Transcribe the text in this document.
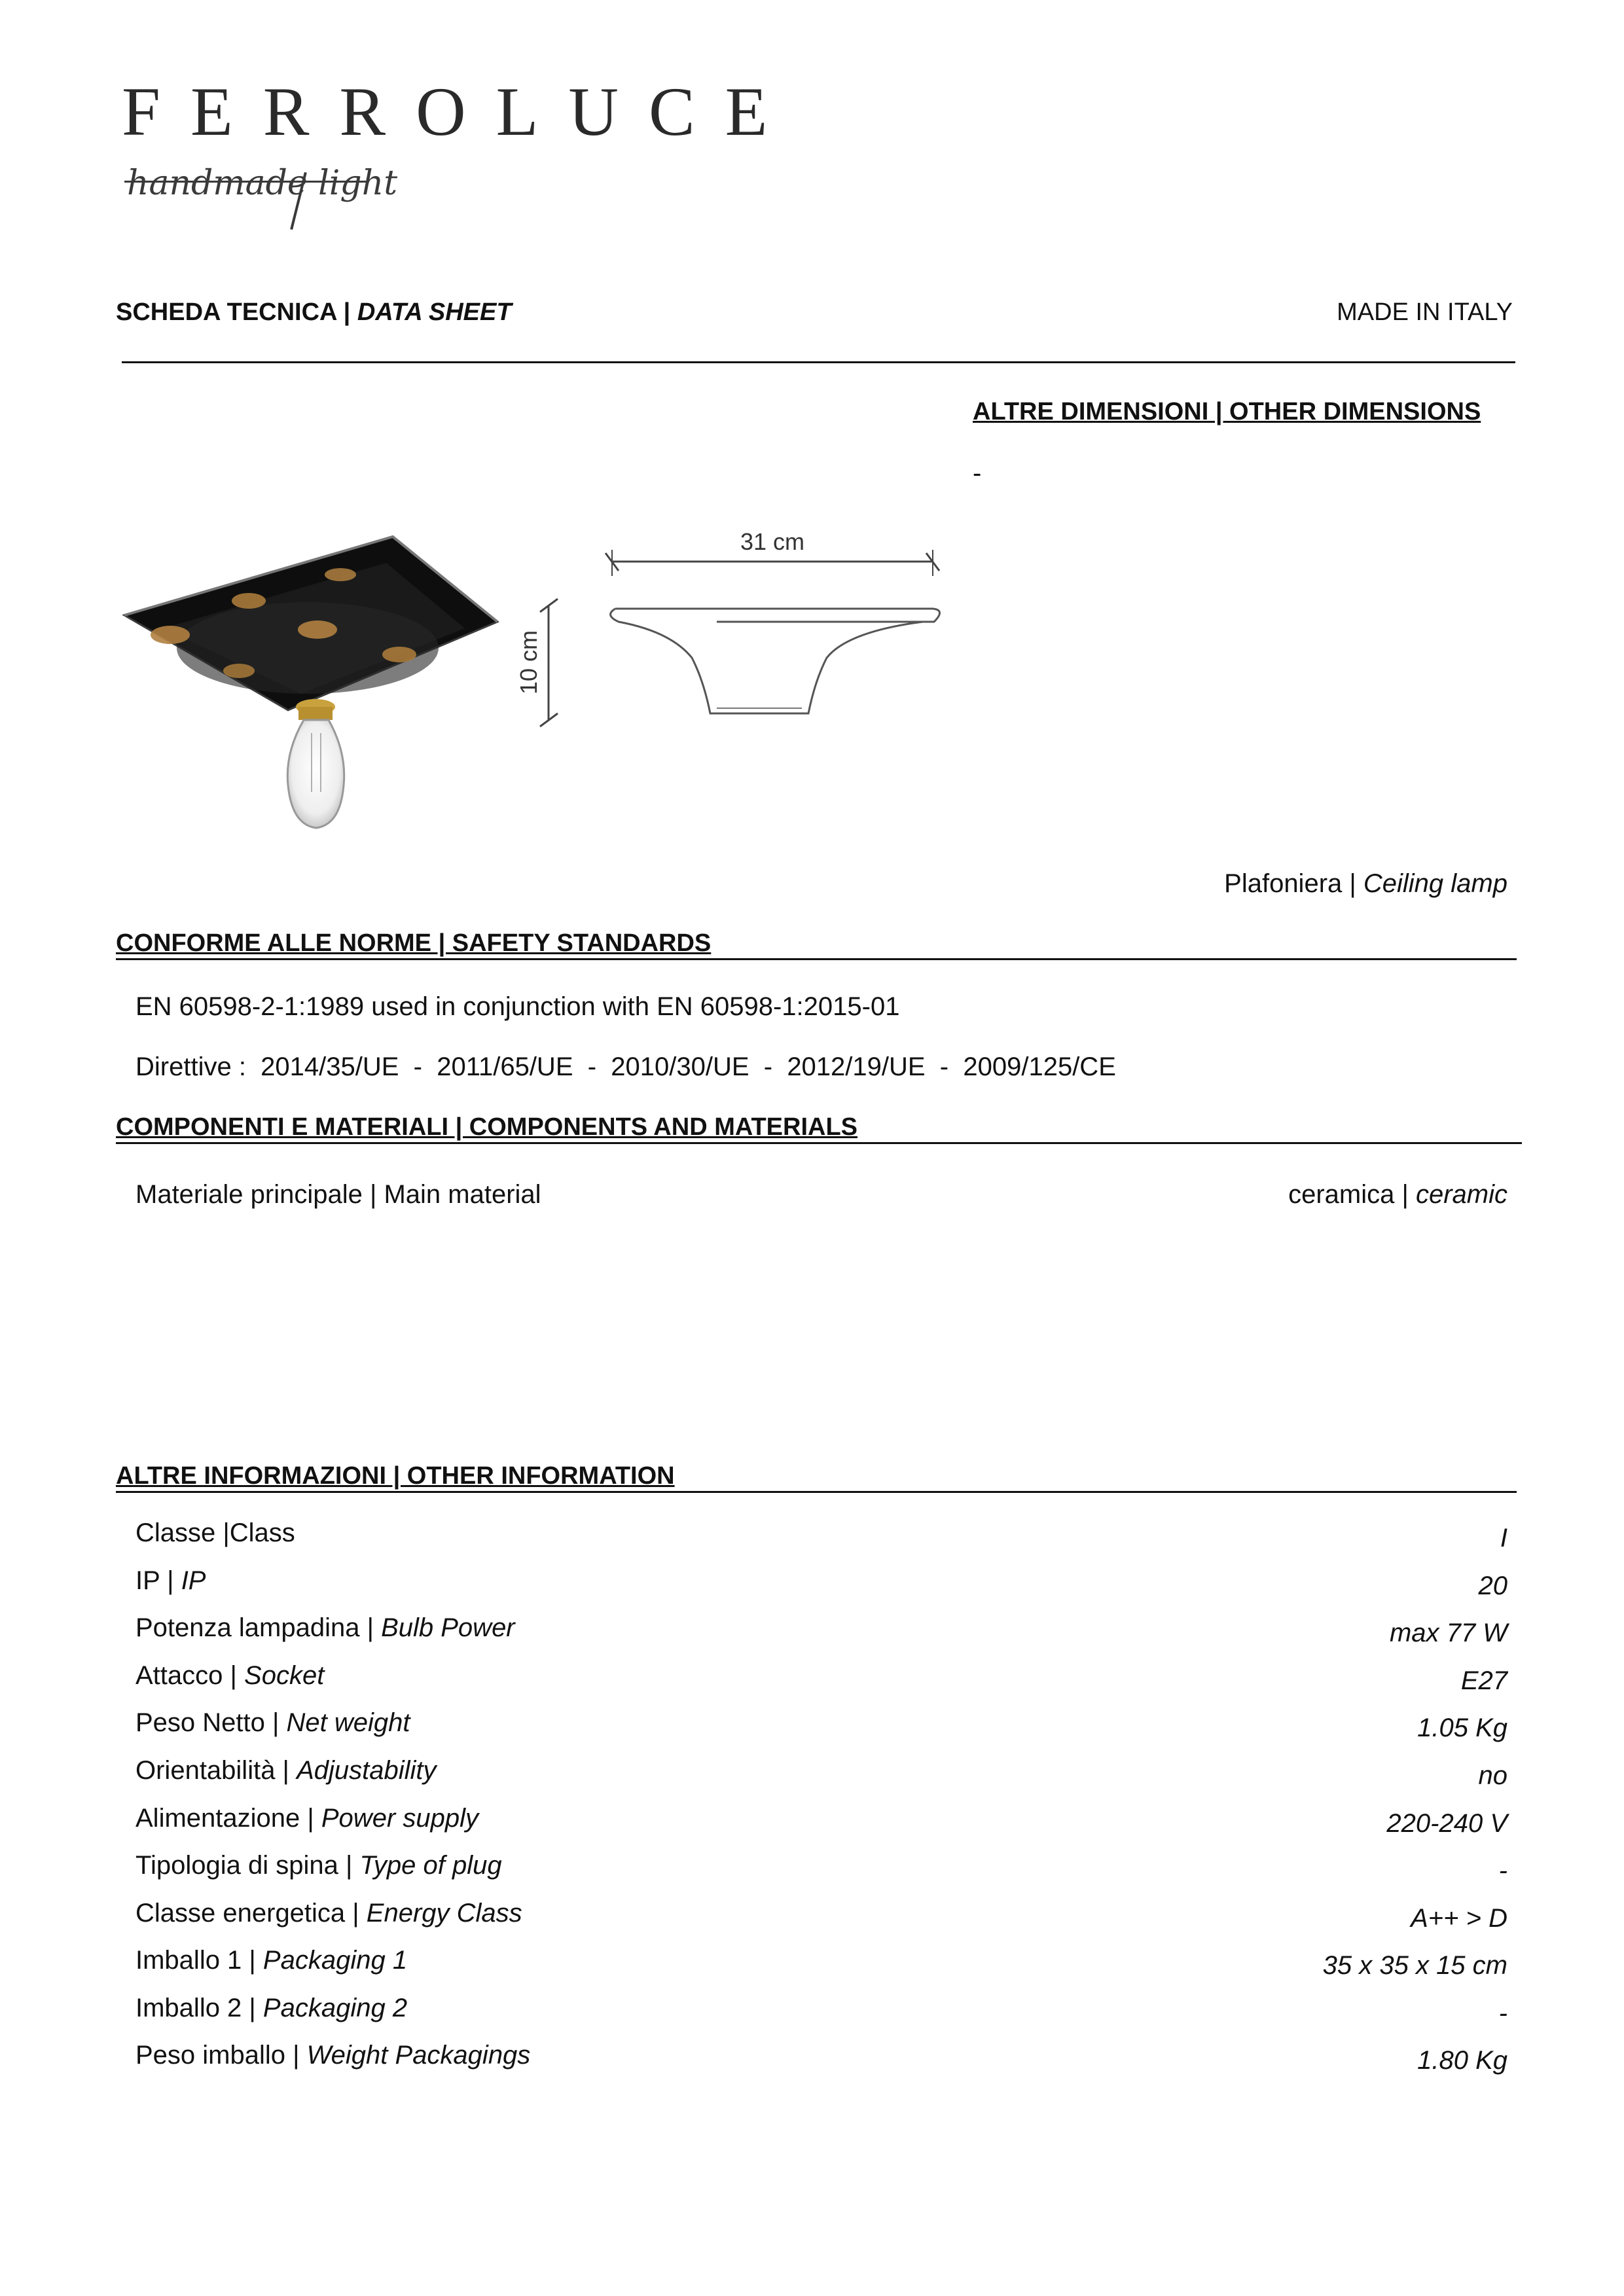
FERROLUCE
handmade light
SCHEDA TECNICA | DATA SHEET	MADE IN ITALY
ALTRE DIMENSIONI | OTHER DIMENSIONS
-
31 cm
10 cm
Plafoniera | Ceiling lamp
CONFORME ALLE NORME | SAFETY STANDARDS
EN 60598-2-1:1989 used in conjunction with EN 60598-1:2015-01
Direttive :  2014/35/UE  -  2011/65/UE  -  2010/30/UE  -  2012/19/UE  -  2009/125/CE
COMPONENTI E MATERIALI | COMPONENTS AND MATERIALS
Materiale principale | Main material	ceramica | ceramic
ALTRE INFORMAZIONI | OTHER INFORMATION
Classe |Class	I
IP | IP	20
Potenza lampadina | Bulb Power	max 77 W
Attacco | Socket	E27
Peso Netto | Net weight	1.05 Kg
Orientabilità | Adjustability	no
Alimentazione | Power supply	220-240 V
Tipologia di spina | Type of plug	-
Classe energetica | Energy Class	A++ > D
Imballo 1 | Packaging 1	35 x 35 x 15 cm
Imballo 2 | Packaging 2	-
Peso imballo | Weight Packagings	1.80 Kg
